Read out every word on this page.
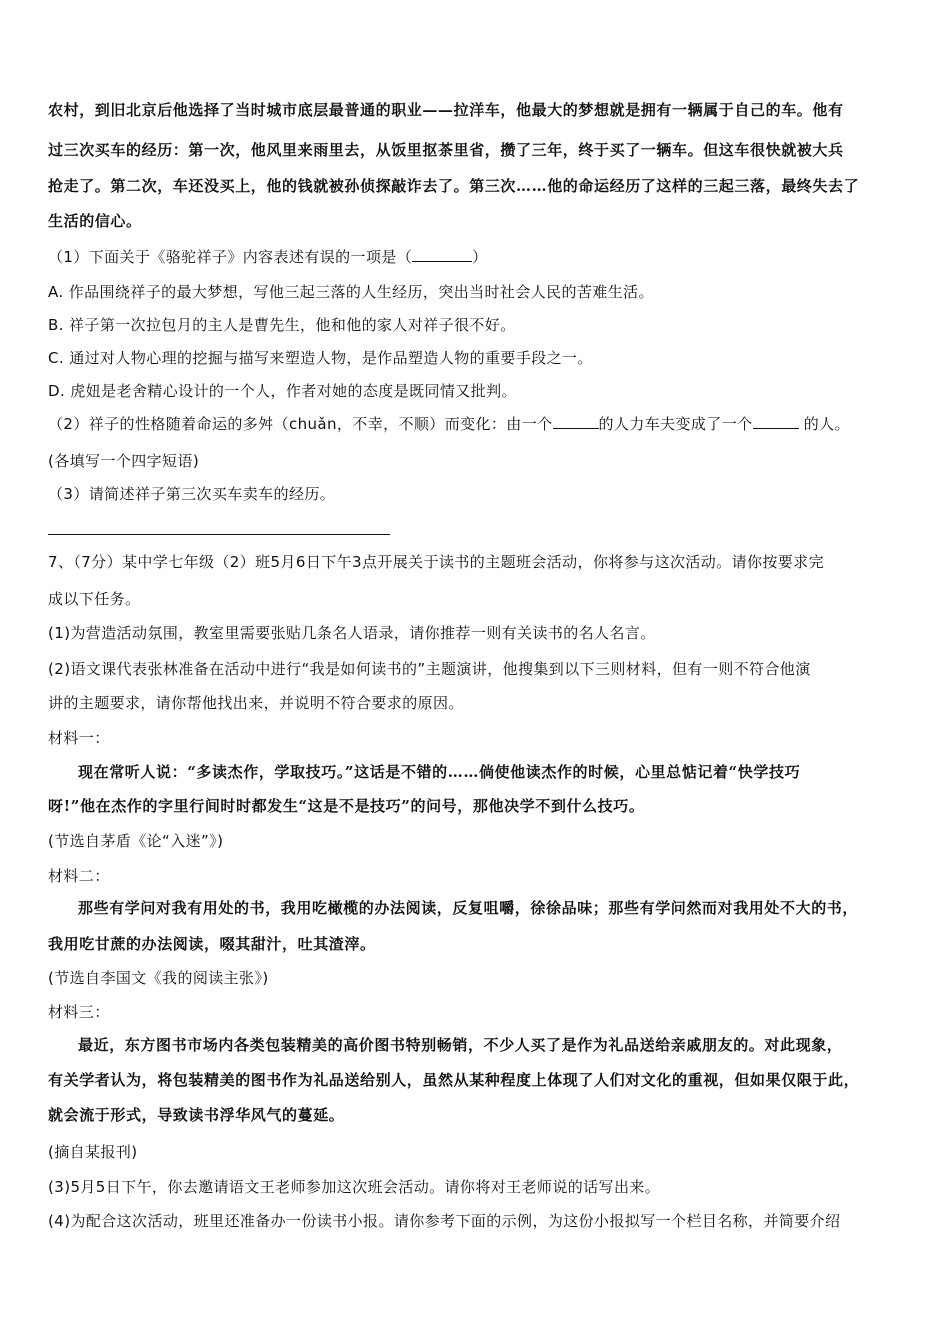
农村，到旧北京后他选择了当时城市底层最普通的职业——拉洋车，他最大的梦想就是拥有一辆属于自己的车。他有
过三次买车的经历：第一次，他风里来雨里去，从饭里抠茶里省，攒了三年，终于买了一辆车。但这车很快就被大兵
抢走了。第二次，车还没买上，他的钱就被孙侦探敲诈去了。第三次……他的命运经历了这样的三起三落，最终失去了
生活的信心。
（1）下面关于《骆驼祥子》内容表述有误的一项是（	）
A. 作品围绕祥子的最大梦想，写他三起三落的人生经历，突出当时社会人民的苦难生活。
B. 祥子第一次拉包月的主人是曹先生，他和他的家人对祥子很不好。
C. 通过对人物心理的挖掘与描写来塑造人物，是作品塑造人物的重要手段之一。
D. 虎妞是老舍精心设计的一个人，作者对她的态度是既同情又批判。
（2）祥子的性格随着命运的多舛（chuǎn，不幸，不顺）而变化：由一个	的人力车夫变成了一个	的人。
(各填写一个四字短语)
（3）请简述祥子第三次买车卖车的经历。
7、（7分）某中学七年级（2）班5月6日下午3点开展关于读书的主题班会活动，你将参与这次活动。请你按要求完
成以下任务。
(1)为营造活动氛围，教室里需要张贴几条名人语录，请你推荐一则有关读书的名人名言。
(2)语文课代表张林准备在活动中进行“我是如何读书的”主题演讲，他搜集到以下三则材料，但有一则不符合他演
讲的主题要求，请你帮他找出来，并说明不符合要求的原因。
材料一：
现在常听人说：“多读杰作，学取技巧。”这话是不错的……倘使他读杰作的时候，心里总惦记着“快学技巧
呀!”他在杰作的字里行间时时都发生“这是不是技巧”的问号，那他决学不到什么技巧。
(节选自茅盾《论“入迷”》)
材料二：
那些有学问对我有用处的书，我用吃橄榄的办法阅读，反复咀嚼，徐徐品味；那些有学问然而对我用处不大的书，
我用吃甘蔗的办法阅读，啜其甜汁，吐其渣滓。
(节选自李国文《我的阅读主张》)
材料三：
最近，东方图书市场内各类包装精美的高价图书特别畅销，不少人买了是作为礼品送给亲戚朋友的。对此现象，
有关学者认为，将包装精美的图书作为礼品送给别人，虽然从某种程度上体现了人们对文化的重视，但如果仅限于此，
就会流于形式，导致读书浮华风气的蔓延。
(摘自某报刊)
(3)5月5日下午，你去邀请语文王老师参加这次班会活动。请你将对王老师说的话写出来。
(4)为配合这次活动，班里还准备办一份读书小报。请你参考下面的示例，为这份小报拟写一个栏目名称，并简要介绍
